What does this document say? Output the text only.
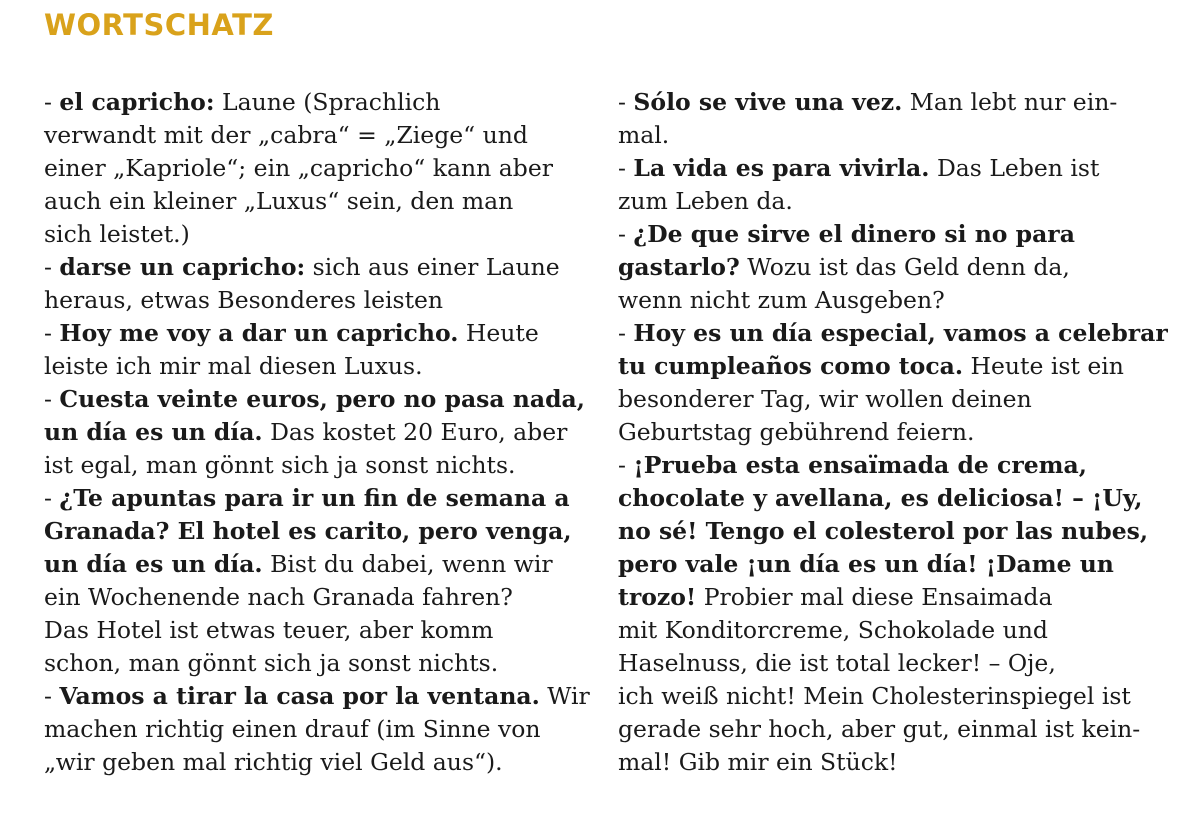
WORTSCHATZ
- el capricho: Laune (Sprachlich
verwandt mit der „cabra“ = „Ziege“ und
einer „Kapriole“; ein „capricho“ kann aber
auch ein kleiner „Luxus“ sein, den man
sich leistet.)
- darse un capricho: sich aus einer Laune
heraus, etwas Besonderes leisten
- Hoy me voy a dar un capricho. Heute
leiste ich mir mal diesen Luxus.
- Cuesta veinte euros, pero no pasa nada,
un día es un día. Das kostet 20 Euro, aber
ist egal, man gönnt sich ja sonst nichts.
- ¿Te apuntas para ir un fin de semana a
Granada? El hotel es carito, pero venga,
un día es un día. Bist du dabei, wenn wir
ein Wochenende nach Granada fahren?
Das Hotel ist etwas teuer, aber komm
schon, man gönnt sich ja sonst nichts.
- Vamos a tirar la casa por la ventana. Wir
machen richtig einen drauf (im Sinne von
„wir geben mal richtig viel Geld aus“).
- Sólo se vive una vez. Man lebt nur ein-
mal.
- La vida es para vivirla. Das Leben ist
zum Leben da.
- ¿De que sirve el dinero si no para
gastarlo? Wozu ist das Geld denn da,
wenn nicht zum Ausgeben?
- Hoy es un día especial, vamos a celebrar
tu cumpleaños como toca. Heute ist ein
besonderer Tag, wir wollen deinen
Geburtstag gebührend feiern.
- ¡Prueba esta ensaïmada de crema,
chocolate y avellana, es deliciosa! – ¡Uy,
no sé! Tengo el colesterol por las nubes,
pero vale ¡un día es un día! ¡Dame un
trozo! Probier mal diese Ensaimada
mit Konditorcreme, Schokolade und
Haselnuss, die ist total lecker! – Oje,
ich weiß nicht! Mein Cholesterinspiegel ist
gerade sehr hoch, aber gut, einmal ist kein-
mal! Gib mir ein Stück!
